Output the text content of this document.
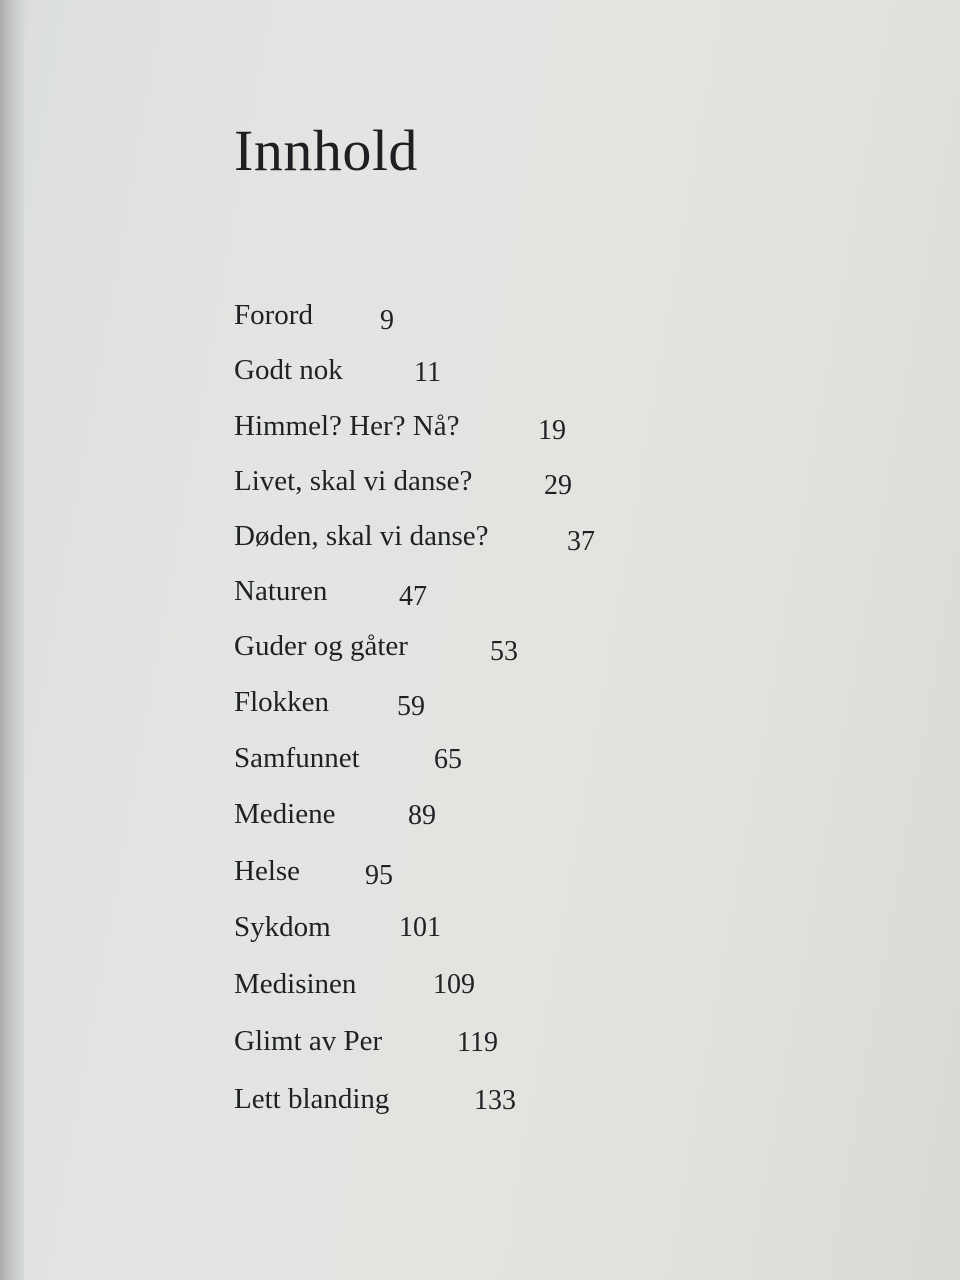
Innhold
Forord 9
Godt nok	11
Himmel? Her? Nå?	19
Livet, skal vi danse?	29
Døden, skal vi danse?	37
Naturen	47
Guder og gåter	53
Flokken 59
Samfunnet	65
Mediene	89
Helse 95
Sykdom 101
Medisinen	109
Glimt av Per	119
Lett blanding	133
